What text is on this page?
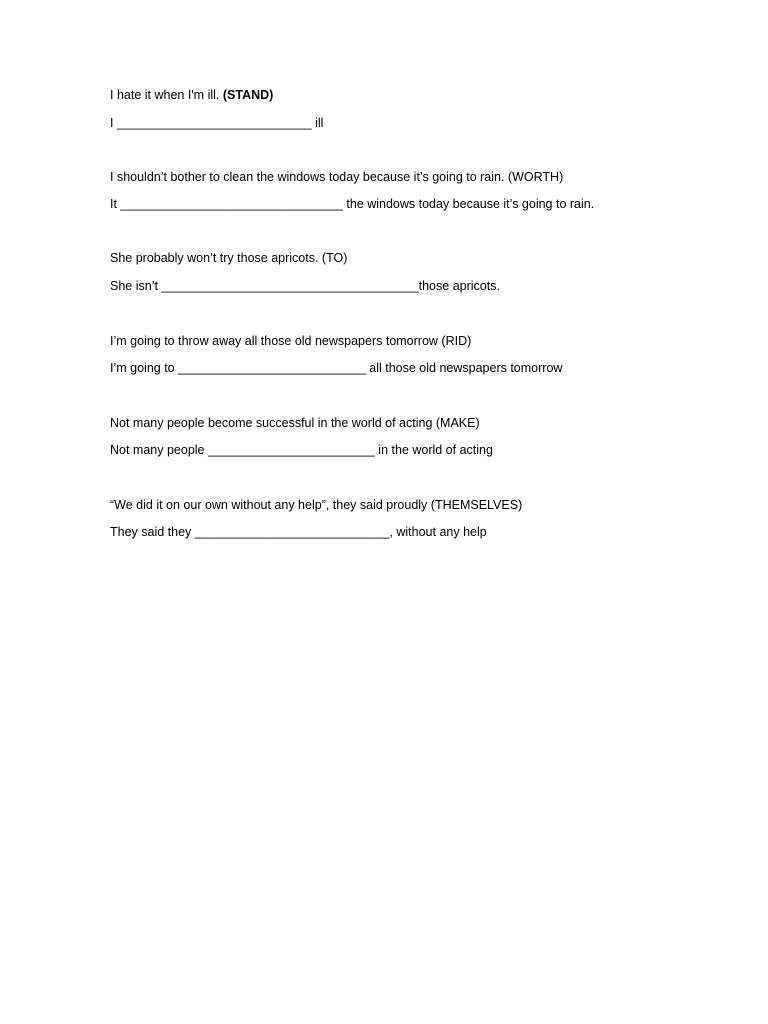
I hate it when I'm ill. (STAND)

I ____________________________ ill

I shouldn’t bother to clean the windows today because it’s going to rain. (WORTH)

It ________________________________ the windows today because it’s going to rain.

She probably won’t try those apricots. (TO)

She isn’t _____________________________________those apricots.

I’m going to throw away all those old newspapers tomorrow (RID)

I’m going to ___________________________ all those old newspapers tomorrow

Not many people become successful in the world of acting (MAKE)

Not many people ________________________ in the world of acting

“We did it on our own without any help”, they said proudly (THEMSELVES)

They said they ____________________________, without any help
